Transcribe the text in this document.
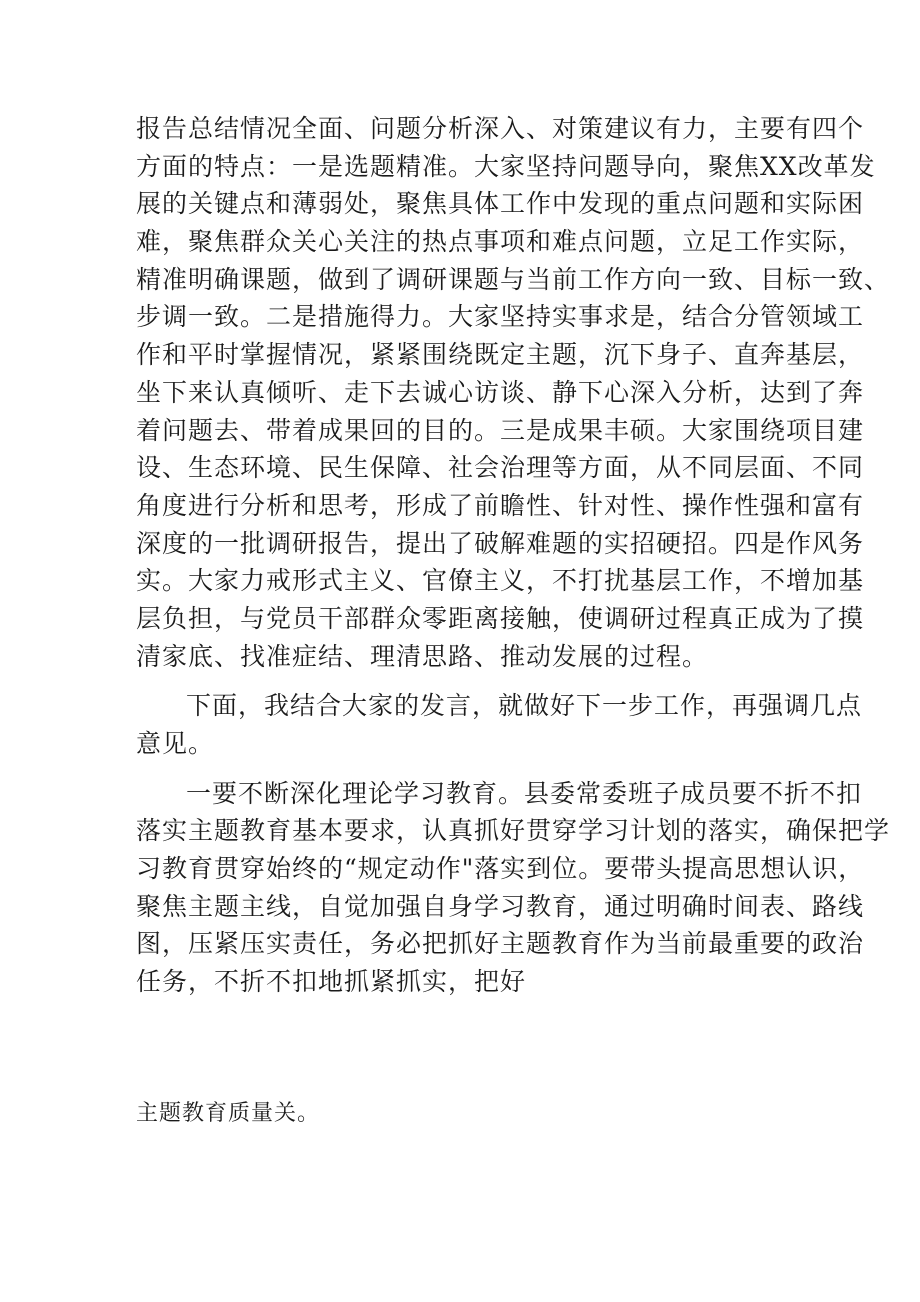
报告总结情况全面、问题分析深入、对策建议有力，主要有四个
方面的特点：一是选题精准。大家坚持问题导向，聚焦XX改革发
展的关键点和薄弱处，聚焦具体工作中发现的重点问题和实际困
难，聚焦群众关心关注的热点事项和难点问题，立足工作实际，
精准明确课题，做到了调研课题与当前工作方向一致、目标一致、
步调一致。二是措施得力。大家坚持实事求是，结合分管领域工
作和平时掌握情况，紧紧围绕既定主题，沉下身子、直奔基层，
坐下来认真倾听、走下去诚心访谈、静下心深入分析，达到了奔
着问题去、带着成果回的目的。三是成果丰硕。大家围绕项目建
设、生态环境、民生保障、社会治理等方面，从不同层面、不同
角度进行分析和思考，形成了前瞻性、针对性、操作性强和富有
深度的一批调研报告，提出了破解难题的实招硬招。四是作风务
实。大家力戒形式主义、官僚主义，不打扰基层工作，不增加基
层负担，与党员干部群众零距离接触，使调研过程真正成为了摸
清家底、找准症结、理清思路、推动发展的过程。
下面，我结合大家的发言，就做好下一步工作，再强调几点
意见。
一要不断深化理论学习教育。县委常委班子成员要不折不扣
落实主题教育基本要求，认真抓好贯穿学习计划的落实，确保把学
习教育贯穿始终的“规定动作"落实到位。要带头提高思想认识，
聚焦主题主线，自觉加强自身学习教育，通过明确时间表、路线
图，压紧压实责任，务必把抓好主题教育作为当前最重要的政治
任务，不折不扣地抓紧抓实，把好
主题教育质量关。
